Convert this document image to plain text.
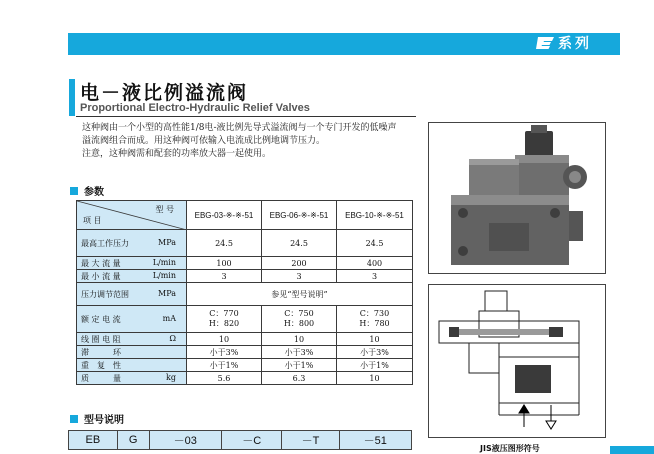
系列
电－液比例溢流阀
Proportional Electro-Hydraulic Relief Valves
这种阀由一个小型的高性能1/8电-液比例先导式溢流阀与一个专门开发的低噪声
溢流阀组合而成。用这种阀可依输入电流成比例地调节压力。
注意，这种阀需和配套的功率放大器一起使用。
参数
型 号
项 目	EBG-03-※-※-51	EBG-06-※-※-51	EBG-10-※-※-51
最高工作压力 MPa	24.5	24.5	24.5
最 大 流 量 L/min	100	200	400
最 小 流 量 L/min	3	3	3
压力调节范围 MPa	参见“型号说明”		
额 定 电 流 mA	C：770
H：820	C：750
H：800	C：730
H：780
线 圈 电 阻 Ω	10	10	10
滞　　　环	小于3%	小于3%	小于3%
重　复　性	小于1%	小于1%	小于1%
质　　　量 kg	5.6	6.3	10
型号说明
EB	G	－03	－C	－T	－51
JIS液压图形符号
